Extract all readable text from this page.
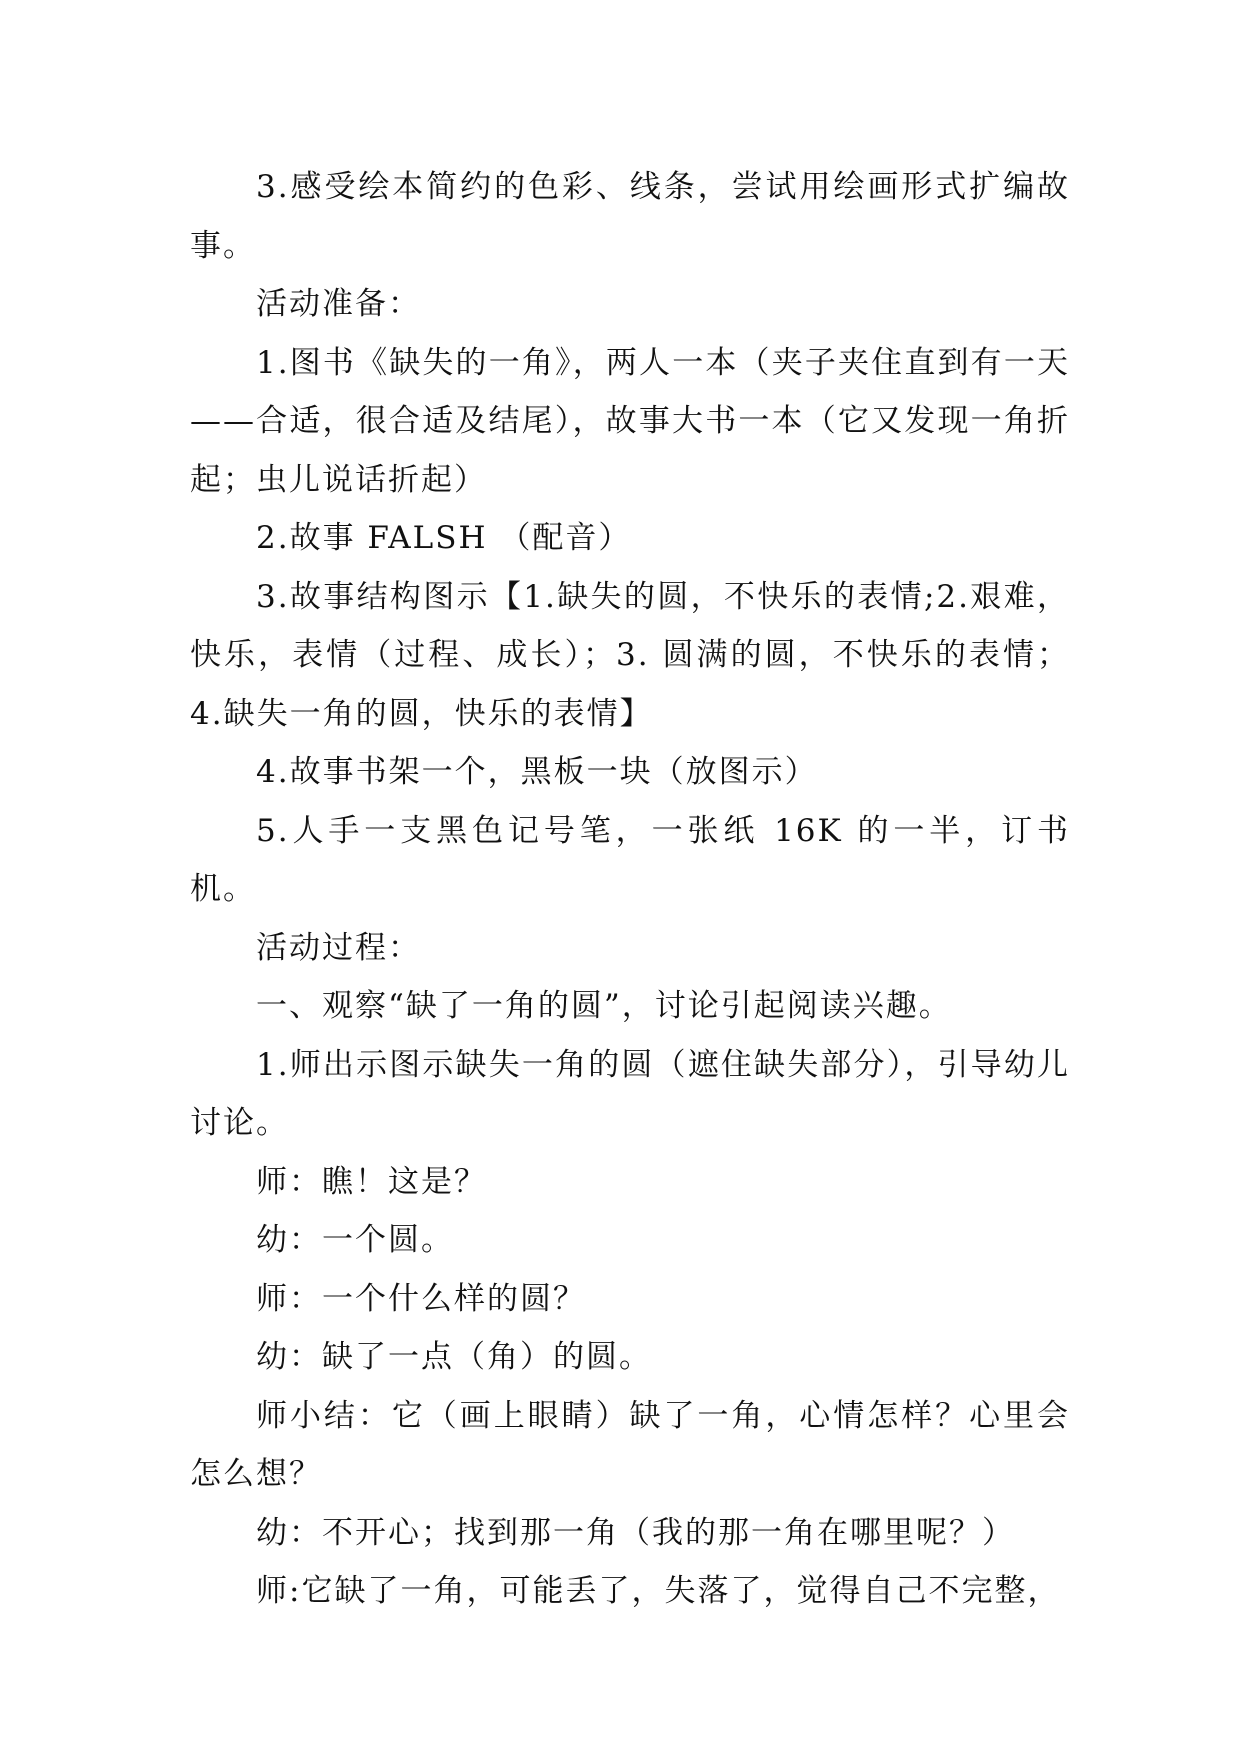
3.感受绘本简约的色彩、线条，尝试用绘画形式扩编故事。

活动准备：

1.图书《缺失的一角》，两人一本（夹子夹住直到有一天——合适，很合适及结尾），故事大书一本（它又发现一角折起；虫儿说话折起）

2.故事 FALSH （配音）

3.故事结构图示【1.缺失的圆，不快乐的表情;2.艰难，快乐，表情（过程、成长）；3. 圆满的圆，不快乐的表情；4.缺失一角的圆，快乐的表情】

4.故事书架一个，黑板一块（放图示）

5.人手一支黑色记号笔，一张纸 16K 的一半，订书机。

活动过程：

一、观察“缺了一角的圆”，讨论引起阅读兴趣。

1.师出示图示缺失一角的圆（遮住缺失部分），引导幼儿讨论。

师：瞧！这是？

幼：一个圆。

师：一个什么样的圆？

幼：缺了一点（角）的圆。

师小结：它（画上眼睛）缺了一角，心情怎样？心里会怎么想？

幼：不开心；找到那一角（我的那一角在哪里呢？）

师:它缺了一角，可能丢了，失落了，觉得自己不完整，
